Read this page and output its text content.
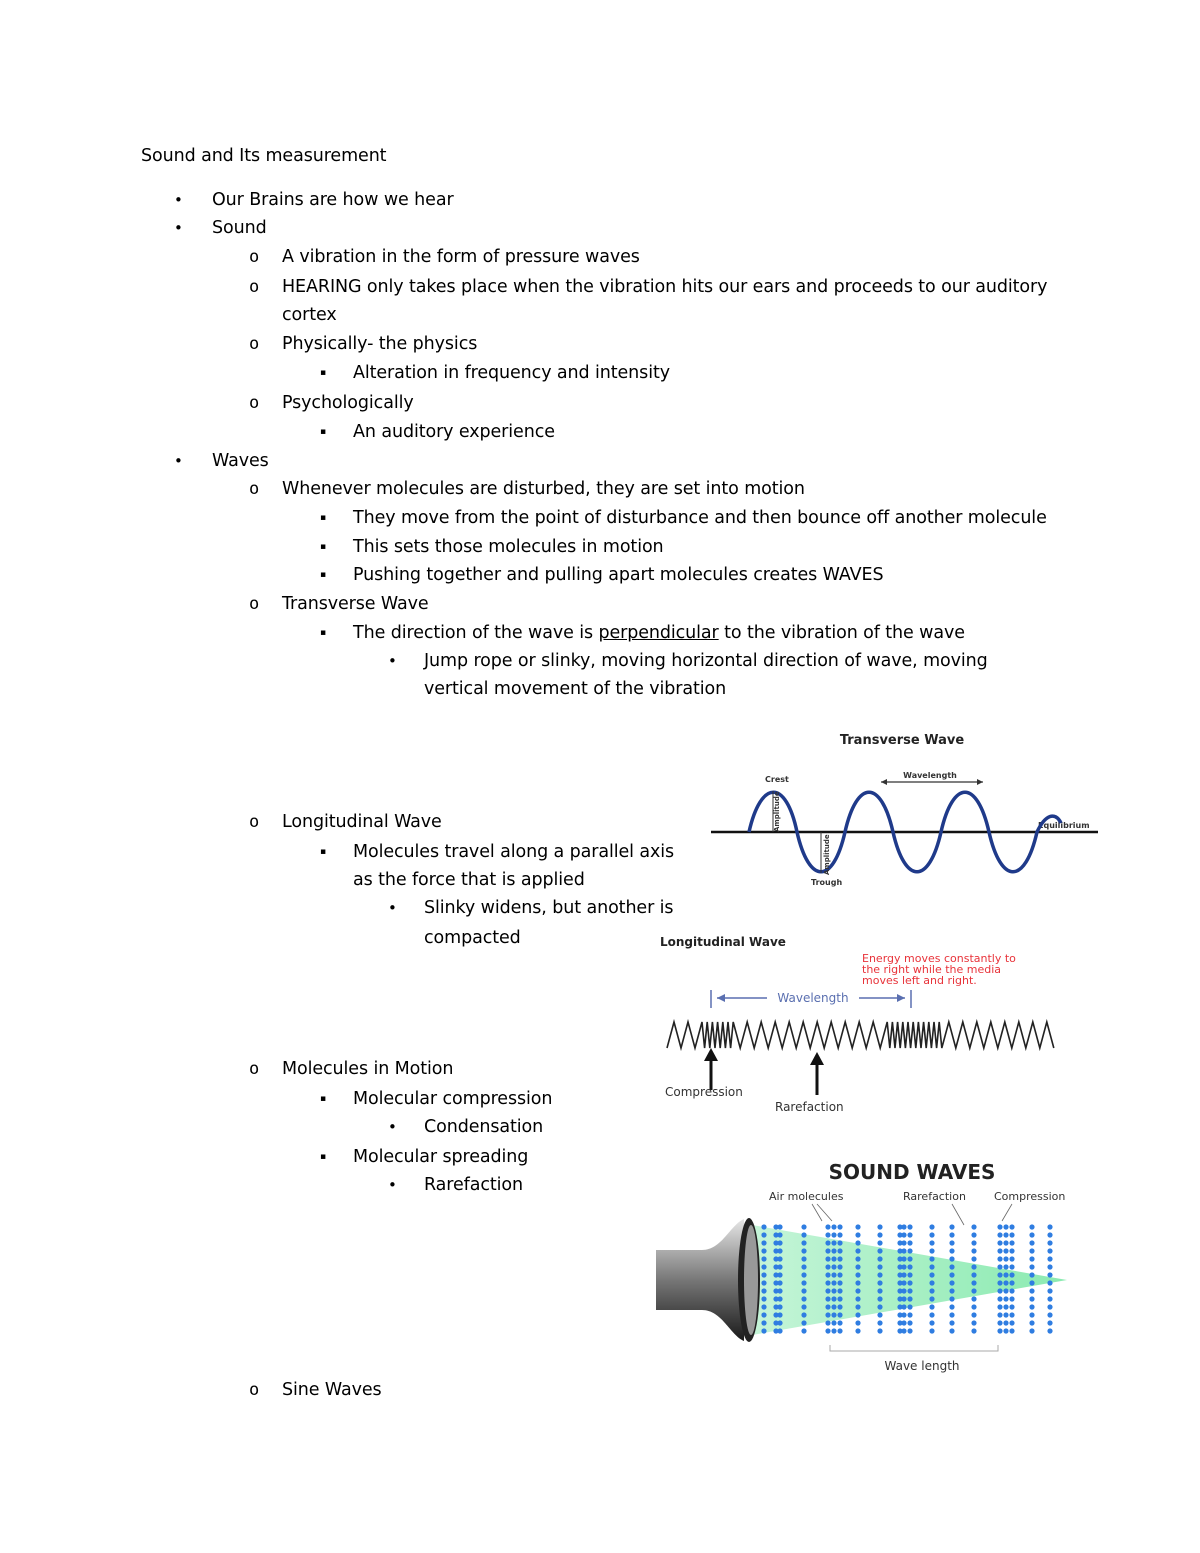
Sound and Its measurement
• Our Brains are how we hear
• Sound
o A vibration in the form of pressure waves
o HEARING only takes place when the vibration hits our ears and proceeds to our auditory
cortex
o Physically- the physics
▪ Alteration in frequency and intensity
o Psychologically
▪ An auditory experience
• Waves
o Whenever molecules are disturbed, they are set into motion
▪ They move from the point of disturbance and then bounce off another molecule
▪ This sets those molecules in motion
▪ Pushing together and pulling apart molecules creates WAVES
o Transverse Wave
▪ The direction of the wave is perpendicular to the vibration of the wave
• Jump rope or slinky, moving horizontal direction of wave, moving
vertical movement of the vibration
o Longitudinal Wave
▪ Molecules travel along a parallel axis
as the force that is applied
• Slinky widens, but another is
compacted
o Molecules in Motion
▪ Molecular compression
• Condensation
▪ Molecular spreading
• Rarefaction
o Sine Waves
Transverse Wave
Crest	Wavelength
Equilibrium
Amplitude
Amplitude
Trough
Longitudinal Wave
Energy moves constantly to
the right while the media
moves left and right.
Wavelength
Compression
Rarefaction
SOUND WAVES
Air molecules	Rarefaction	Compression
Wave length
